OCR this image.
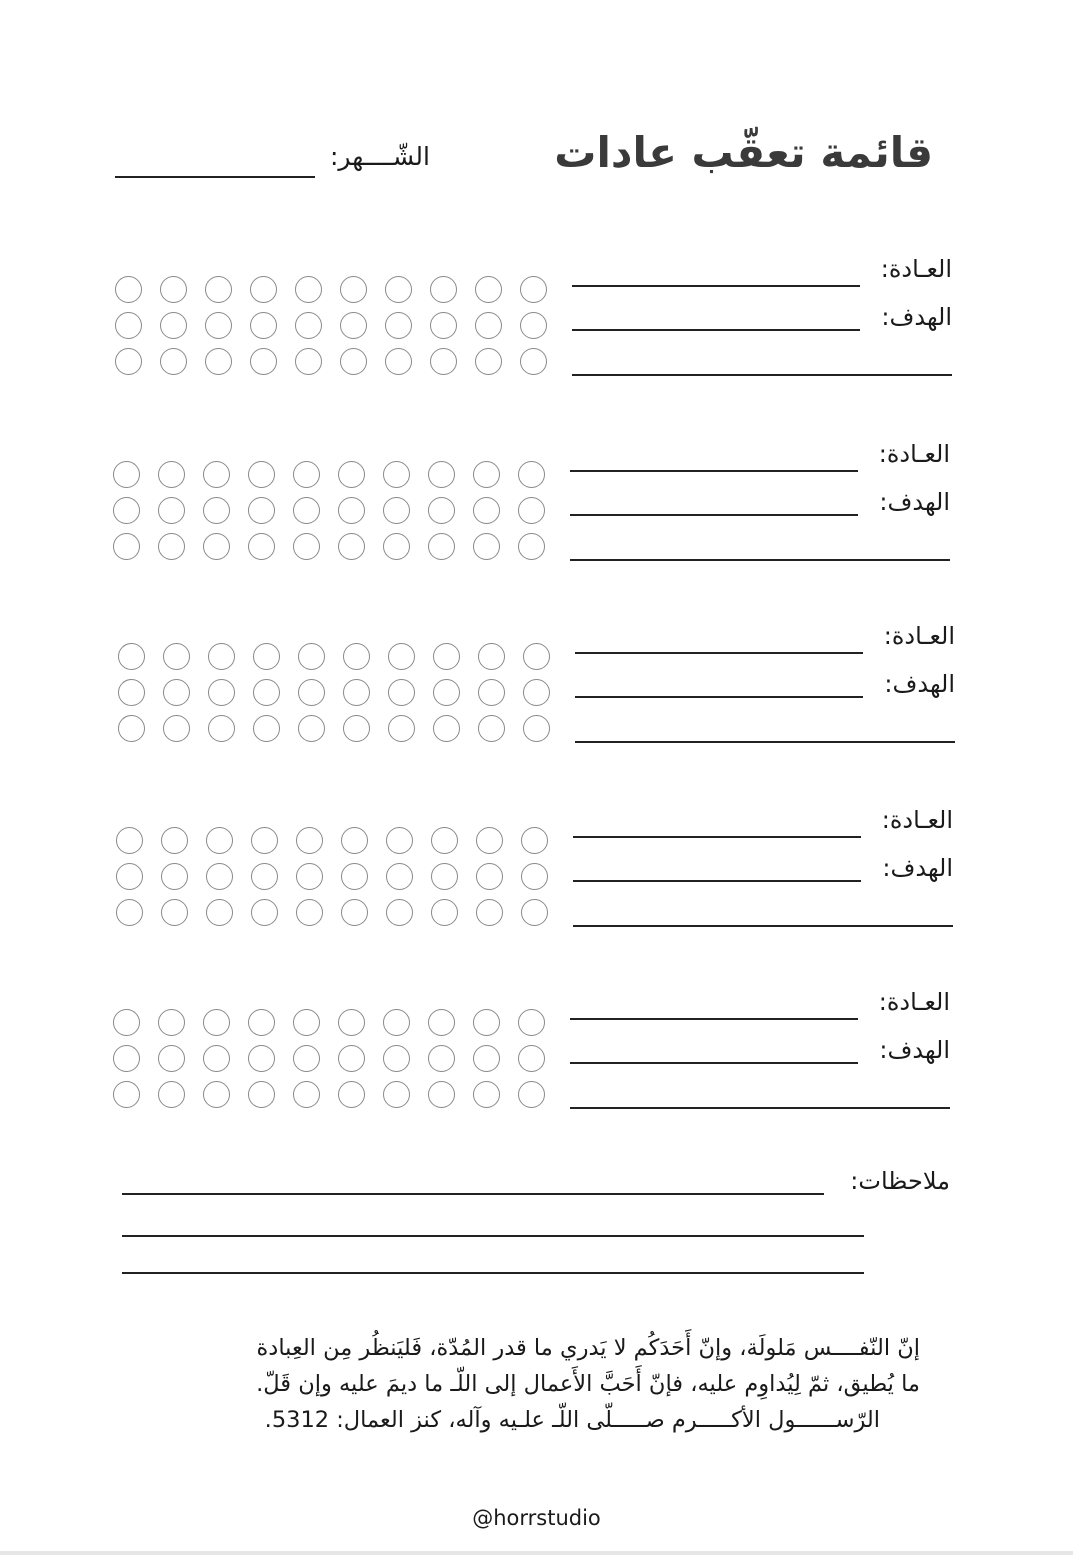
قائمة تعقّب عادات
الشّــــهر:
العـادة:
الهدف:
العـادة:
الهدف:
العـادة:
الهدف:
العـادة:
الهدف:
العـادة:
الهدف:
ملاحظات:
إنّ النّفــــس مَلولَة، وإنّ أَحَدَكُم لا يَدري ما قدر المُدّة، فَليَنظُر مِن العِبادة
ما يُطيق، ثمّ لِيُداوِم عليه، فإنّ أَحَبَّ الأَعمال إلى اللّـ ما ديمَ عليه وإن قَلّ.
الرّســــــول الأكـــــرم صـــــلّى اللّـ علـيه وآله، كنز العمال: 5312.
@horrstudio
